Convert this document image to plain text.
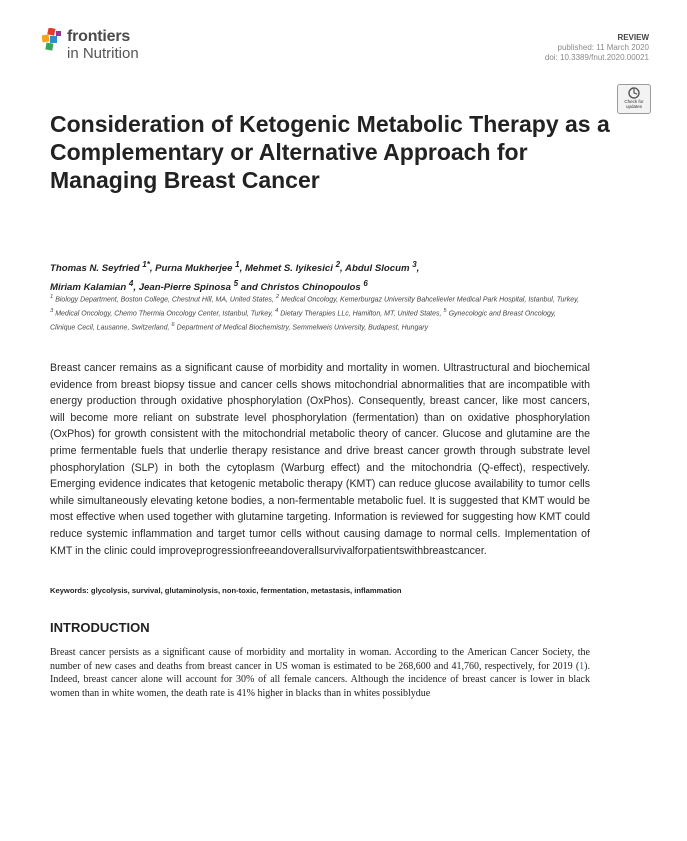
frontiers
in Nutrition
REVIEW
published: 11 March 2020
doi: 10.3389/fnut.2020.00021
Check for
updates
Consideration of Ketogenic Metabolic Therapy as a Complementary or Alternative Approach for Managing Breast Cancer

Thomas N. Seyfried $^{1*}$, Purna Mukherjee $^1$, Mehmet S. Iyikesici $^2$, Abdul Slocum $^3$,
Miriam Kalamian $^4$, Jean-Pierre Spinosa $^5$ and Christos Chinopoulos $^6$

$^1$ Biology Department, Boston College, Chestnut Hill, MA, United States, $^2$ Medical Oncology, Kemerburgaz University Bahcelievler Medical Park Hospital, Istanbul, Turkey, $^3$ Medical Oncology, Chemo Thermia Oncology Center, Istanbul, Turkey, $^4$ Dietary Therapies LLc, Hamilton, MT, United States, $^5$ Gynecologic and Breast Oncology, Clinique Cecil, Lausanne, Switzerland, $^6$ Department of Medical Biochemistry, Semmelweis University, Budapest, Hungary

Breast cancer remains as a significant cause of morbidity and mortality in women. Ultrastructural and biochemical evidence from breast biopsy tissue and cancer cells shows mitochondrial abnormalities that are incompatible with energy production through oxidative phosphorylation (OxPhos). Consequently, breast cancer, like most cancers, will become more reliant on substrate level phosphorylation (fermentation) than on oxidative phosphorylation (OxPhos) for growth consistent with the mitochondrial metabolic theory of cancer. Glucose and glutamine are the prime fermentable fuels that underlie therapy resistance and drive breast cancer growth through substrate level phosphorylation (SLP) in both the cytoplasm (Warburg effect) and the mitochondria (Q-effect), respectively. Emerging evidence indicates that ketogenic metabolic therapy (KMT) can reduce glucose availability to tumor cells while simultaneously elevating ketone bodies, a non-fermentable metabolic fuel. It is suggested that KMT would be most effective when used together with glutamine targeting. Information is reviewed for suggesting how KMT could reduce systemic inflammation and target tumor cells without causing damage to normal cells. Implementation of KMT in the clinic could improveprogressionfreeandoverallsurvivalforpatientswithbreastcancer.

Keywords: glycolysis, survival, glutaminolysis, non-toxic, fermentation, metastasis, inflammation

INTRODUCTION

Breast cancer persists as a significant cause of morbidity and mortality in woman. According to the American Cancer Society, the number of new cases and deaths from breast cancer in US woman is estimated to be 268,600 and 41,760, respectively, for 2019 (1). Indeed, breast cancer alone will account for 30% of all female cancers. Although the incidence of breast cancer is lower in black women than in white women, the death rate is 41% higher in blacks than in whites possiblydue
